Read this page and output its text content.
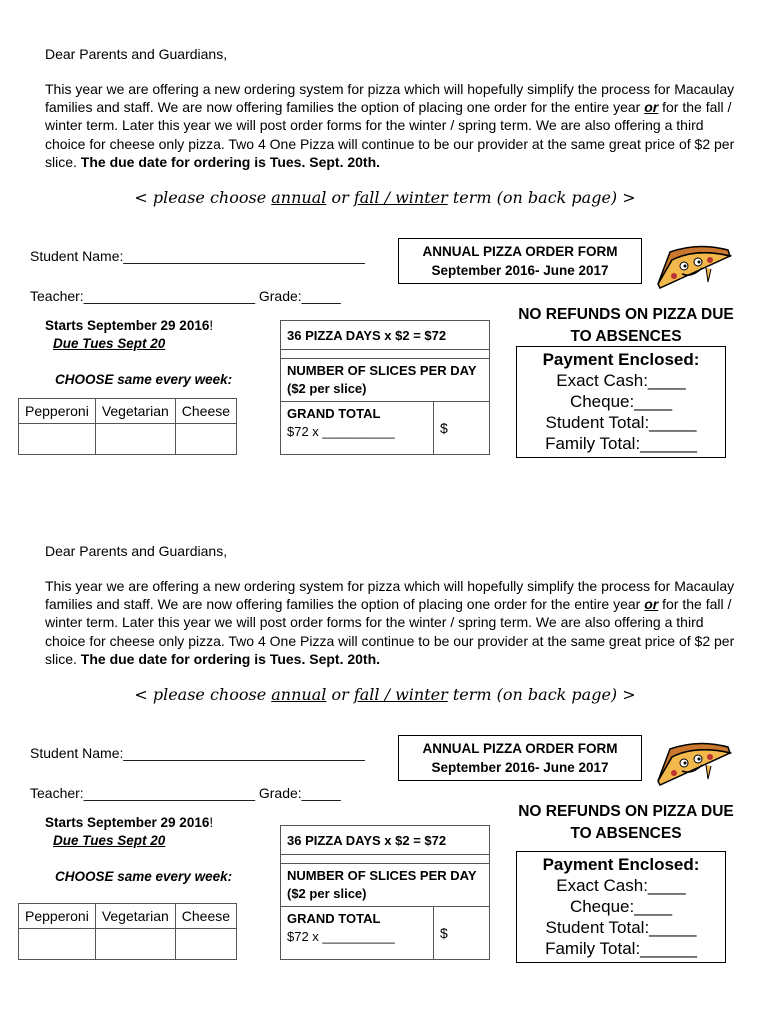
Dear Parents and Guardians,
This year we are offering a new ordering system for pizza which will hopefully simplify the process for Macaulay families and staff. We are now offering families the option of placing one order for the entire year or for the fall / winter term. Later this year we will post order forms for the winter / spring term. We are also offering a third choice for cheese only pizza. Two 4 One Pizza will continue to be our provider at the same great price of $2 per slice. The due date for ordering is Tues. Sept. 20th.
< please choose annual or fall / winter term (on back page) >
Student Name:_______________________________
Teacher:______________________ Grade:_____
ANNUAL PIZZA ORDER FORM
September 2016- June 2017
Starts September 29 2016!
Due Tues Sept 20
CHOOSE same every week:
Pepperoni	Vegetarian	Cheese

36 PIZZA DAYS x $2 = $72

NUMBER OF SLICES PER DAY ($2 per slice)

GRAND TOTAL
$72 x __________	$
NO REFUNDS ON PIZZA DUE TO ABSENCES
Payment Enclosed:
Exact Cash:____
Cheque:____
Student Total:_____
Family Total:______
Dear Parents and Guardians,
This year we are offering a new ordering system for pizza which will hopefully simplify the process for Macaulay families and staff. We are now offering families the option of placing one order for the entire year or for the fall / winter term. Later this year we will post order forms for the winter / spring term. We are also offering a third choice for cheese only pizza. Two 4 One Pizza will continue to be our provider at the same great price of $2 per slice. The due date for ordering is Tues. Sept. 20th.
< please choose annual or fall / winter term (on back page) >
Student Name:_______________________________
Teacher:______________________ Grade:_____
ANNUAL PIZZA ORDER FORM
September 2016- June 2017
Starts September 29 2016!
Due Tues Sept 20
CHOOSE same every week:
Pepperoni	Vegetarian	Cheese

36 PIZZA DAYS x $2 = $72

NUMBER OF SLICES PER DAY ($2 per slice)

GRAND TOTAL
$72 x __________	$
NO REFUNDS ON PIZZA DUE TO ABSENCES
Payment Enclosed:
Exact Cash:____
Cheque:____
Student Total:_____
Family Total:______
